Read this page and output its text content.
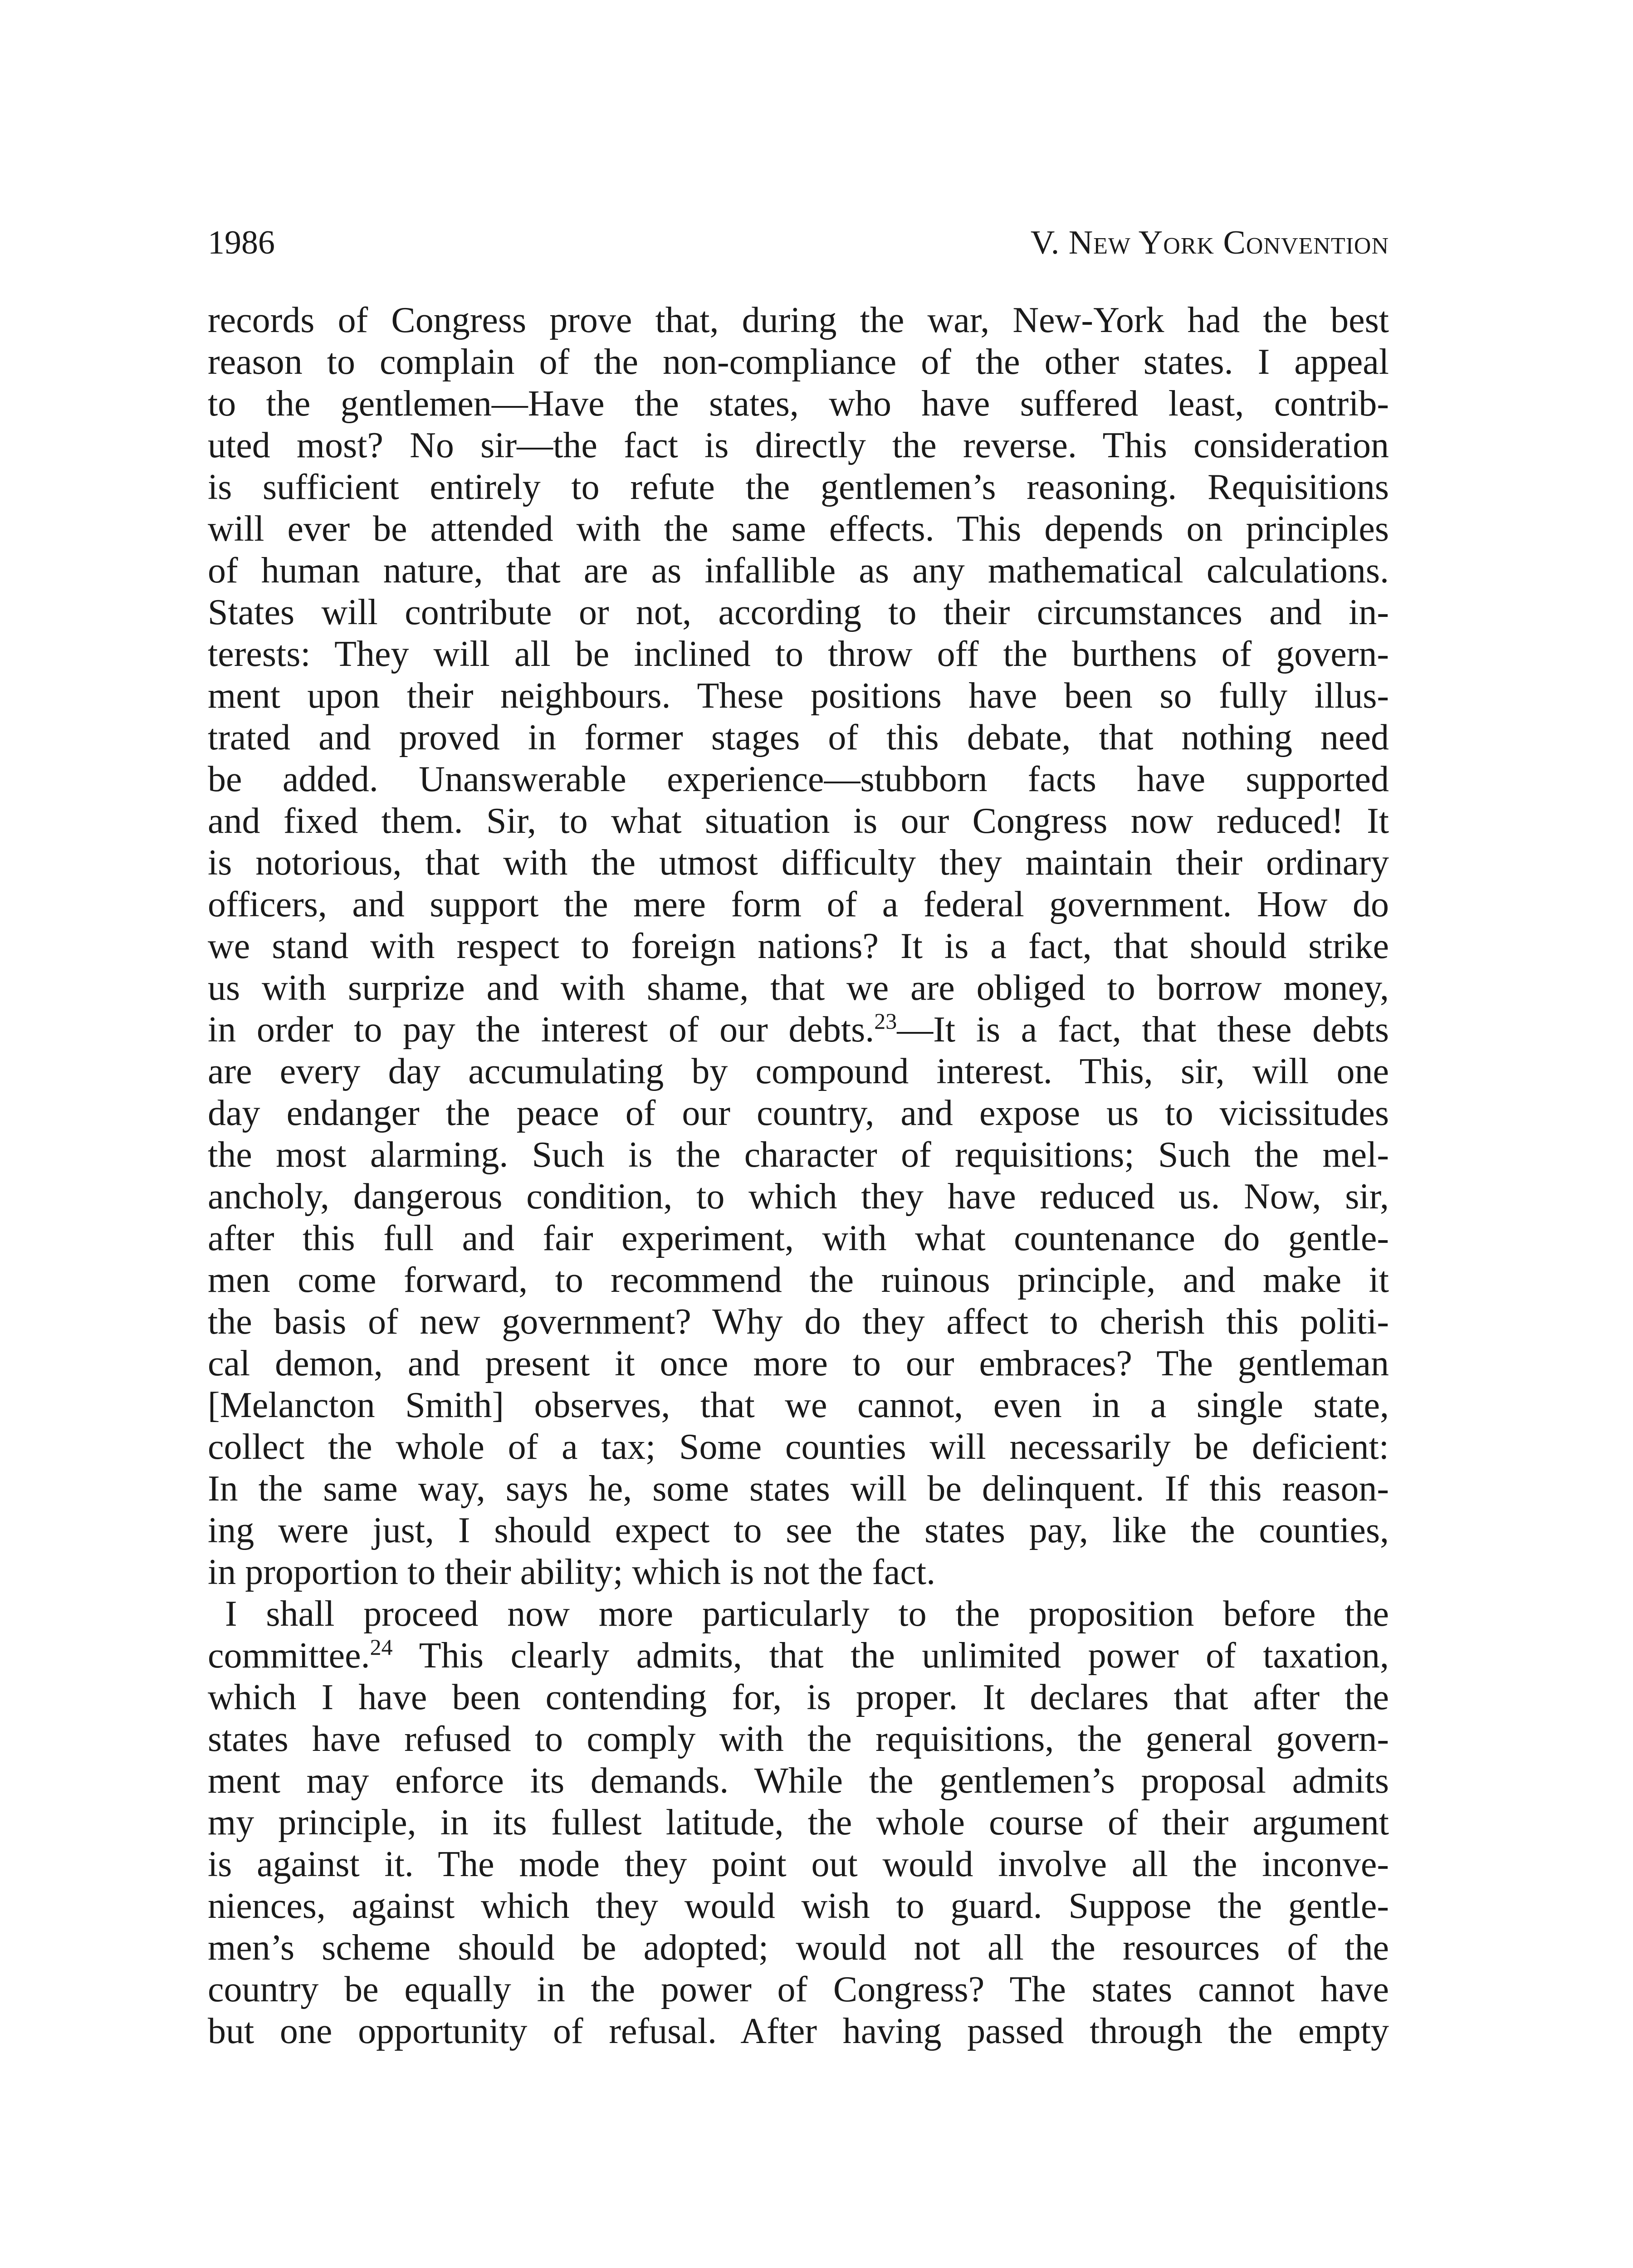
1986	V. New York Convention
records of Congress prove that, during the war, New-York had the best
reason to complain of the non-compliance of the other states. I appeal
to the gentlemen—Have the states, who have suffered least, contrib-
uted most? No sir—the fact is directly the reverse. This consideration
is sufficient entirely to refute the gentlemen’s reasoning. Requisitions
will ever be attended with the same effects. This depends on principles
of human nature, that are as infallible as any mathematical calculations.
States will contribute or not, according to their circumstances and in-
terests: They will all be inclined to throw off the burthens of govern-
ment upon their neighbours. These positions have been so fully illus-
trated and proved in former stages of this debate, that nothing need
be added. Unanswerable experience—stubborn facts have supported
and fixed them. Sir, to what situation is our Congress now reduced! It
is notorious, that with the utmost difficulty they maintain their ordinary
officers, and support the mere form of a federal government. How do
we stand with respect to foreign nations? It is a fact, that should strike
us with surprize and with shame, that we are obliged to borrow money,
in order to pay the interest of our debts.$^{23}$—It is a fact, that these debts
are every day accumulating by compound interest. This, sir, will one
day endanger the peace of our country, and expose us to vicissitudes
the most alarming. Such is the character of requisitions; Such the mel-
ancholy, dangerous condition, to which they have reduced us. Now, sir,
after this full and fair experiment, with what countenance do gentle-
men come forward, to recommend the ruinous principle, and make it
the basis of new government? Why do they affect to cherish this politi-
cal demon, and present it once more to our embraces? The gentleman
[Melancton Smith] observes, that we cannot, even in a single state,
collect the whole of a tax; Some counties will necessarily be deficient:
In the same way, says he, some states will be delinquent. If this reason-
ing were just, I should expect to see the states pay, like the counties,
in proportion to their ability; which is not the fact.
I shall proceed now more particularly to the proposition before the
committee.$^{24}$ This clearly admits, that the unlimited power of taxation,
which I have been contending for, is proper. It declares that after the
states have refused to comply with the requisitions, the general govern-
ment may enforce its demands. While the gentlemen’s proposal admits
my principle, in its fullest latitude, the whole course of their argument
is against it. The mode they point out would involve all the inconve-
niences, against which they would wish to guard. Suppose the gentle-
men’s scheme should be adopted; would not all the resources of the
country be equally in the power of Congress? The states cannot have
but one opportunity of refusal. After having passed through the empty
